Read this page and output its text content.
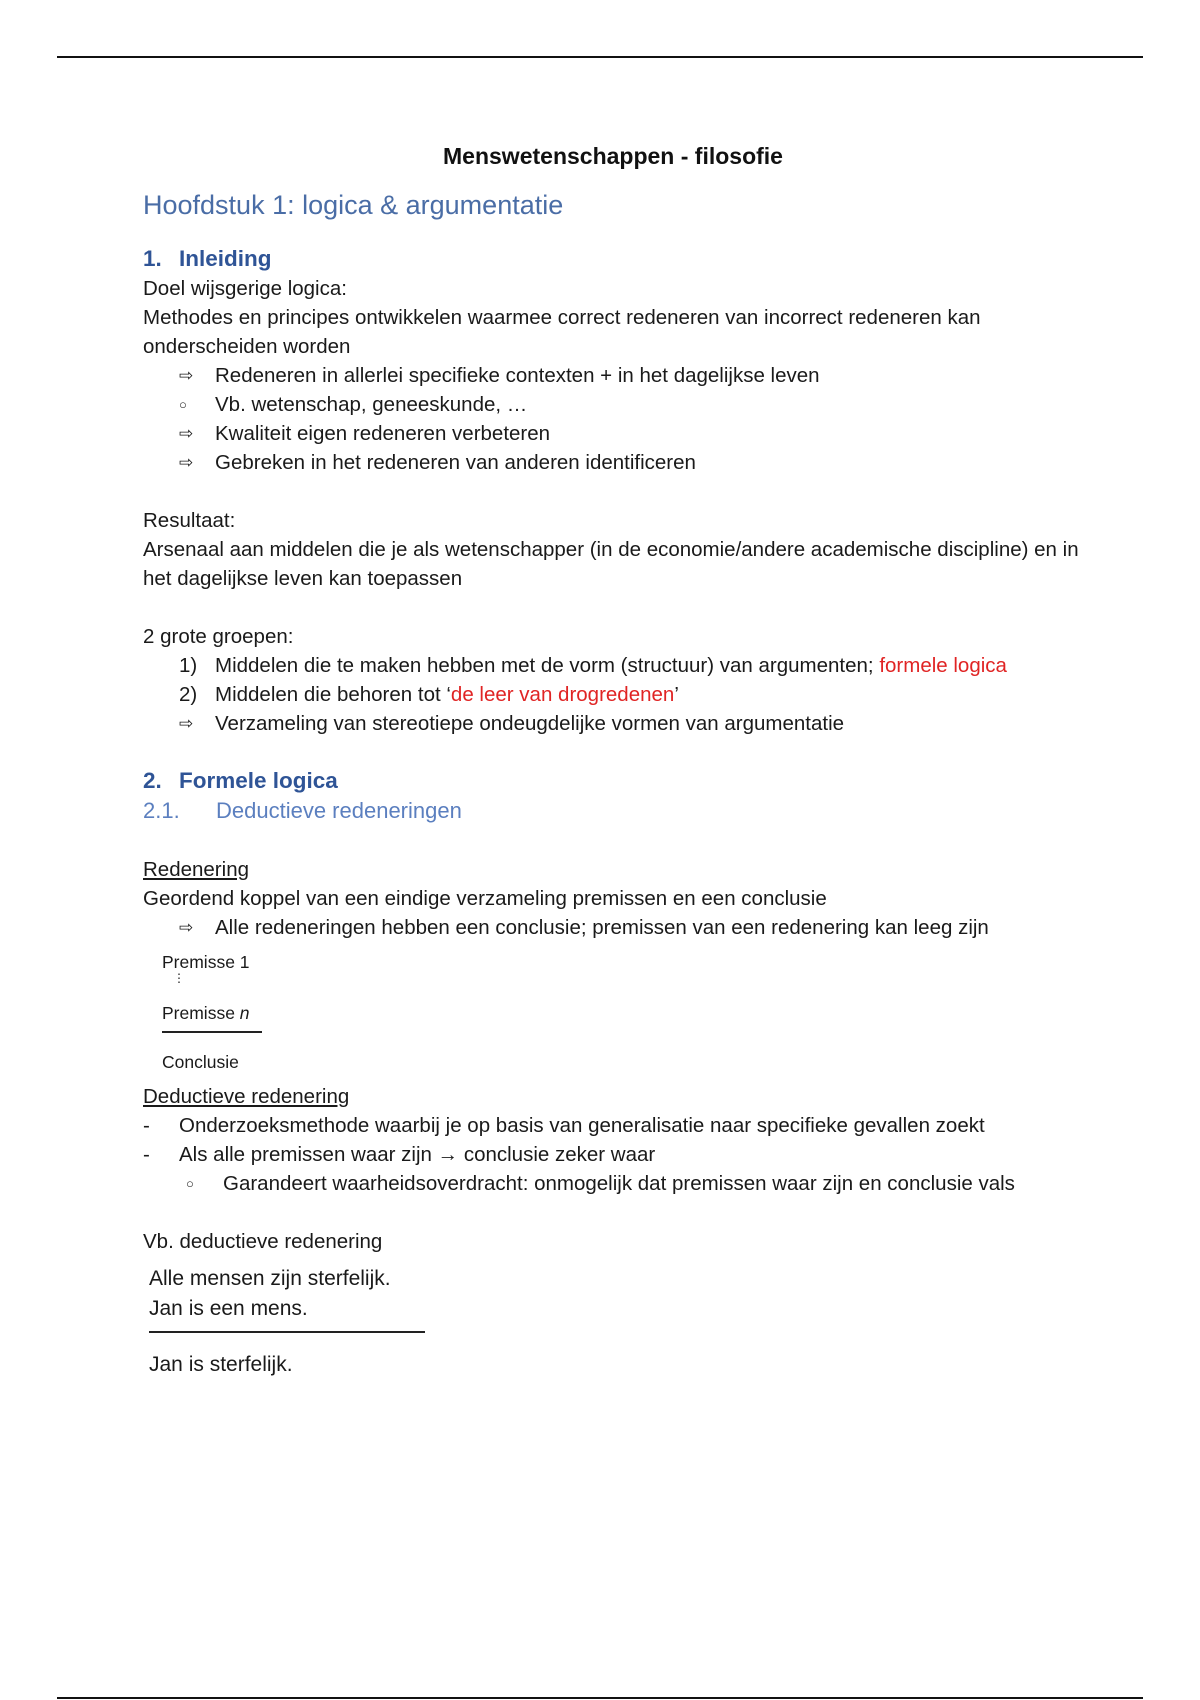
Menswetenschappen - filosofie
Hoofdstuk 1: logica & argumentatie
1. Inleiding
Doel wijsgerige logica:
Methodes en principes ontwikkelen waarmee correct redeneren van incorrect redeneren kan onderscheiden worden
⇨	Redeneren in allerlei specifieke contexten + in het dagelijkse leven
○	Vb. wetenschap, geneeskunde, …
⇨	Kwaliteit eigen redeneren verbeteren
⇨	Gebreken in het redeneren van anderen identificeren
Resultaat:
Arsenaal aan middelen die je als wetenschapper (in de economie/andere academische discipline) en in het dagelijkse leven kan toepassen
2 grote groepen:
1) Middelen die te maken hebben met de vorm (structuur) van argumenten; formele logica
2) Middelen die behoren tot ‘de leer van drogredenen’
⇨	Verzameling van stereotiepe ondeugdelijke vormen van argumentatie
2. Formele logica
2.1. Deductieve redeneringen
Redenering
Geordend koppel van een eindige verzameling premissen en een conclusie
⇨	Alle redeneringen hebben een conclusie; premissen van een redenering kan leeg zijn
Premisse 1
⋮
Premisse n
Conclusie
Deductieve redenering
- Onderzoeksmethode waarbij je op basis van generalisatie naar specifieke gevallen zoekt
- Als alle premissen waar zijn → conclusie zeker waar
○	Garandeert waarheidsoverdracht: onmogelijk dat premissen waar zijn en conclusie vals
Vb. deductieve redenering
Alle mensen zijn sterfelijk.
Jan is een mens.
Jan is sterfelijk.
